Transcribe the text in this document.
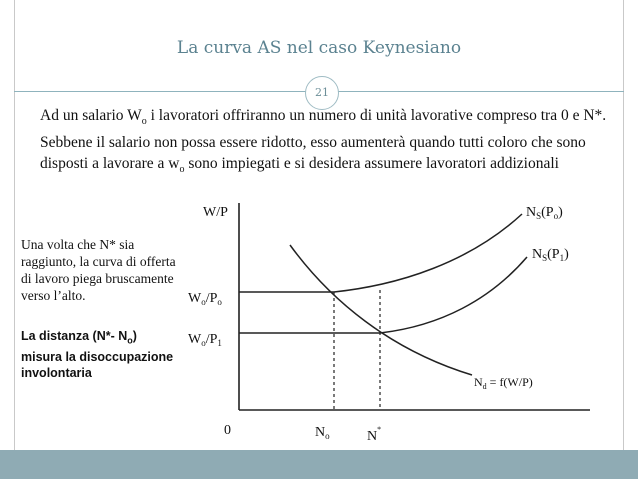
La curva AS nel caso Keynesiano
21
Ad un salario $W_o$ i lavoratori offriranno un numero di unità lavorative compreso tra 0 e N*. Sebbene il salario non possa essere ridotto, esso aumenterà quando tutti coloro che sono disposti a lavorare a $w_o$ sono impiegati e si desidera assumere lavoratori addizionali
Una volta che N* sia raggiunto, la curva di offerta di lavoro piega bruscamente verso l’alto.
La distanza (N*- $N_o$) misura la disoccupazione involontaria
W/P
0
$W_o/P_o$
$W_o/P_1$
$N_S(P_o)$
$N_S(P_1)$
$N_d = f(W/P)$
$N_o$	N*
